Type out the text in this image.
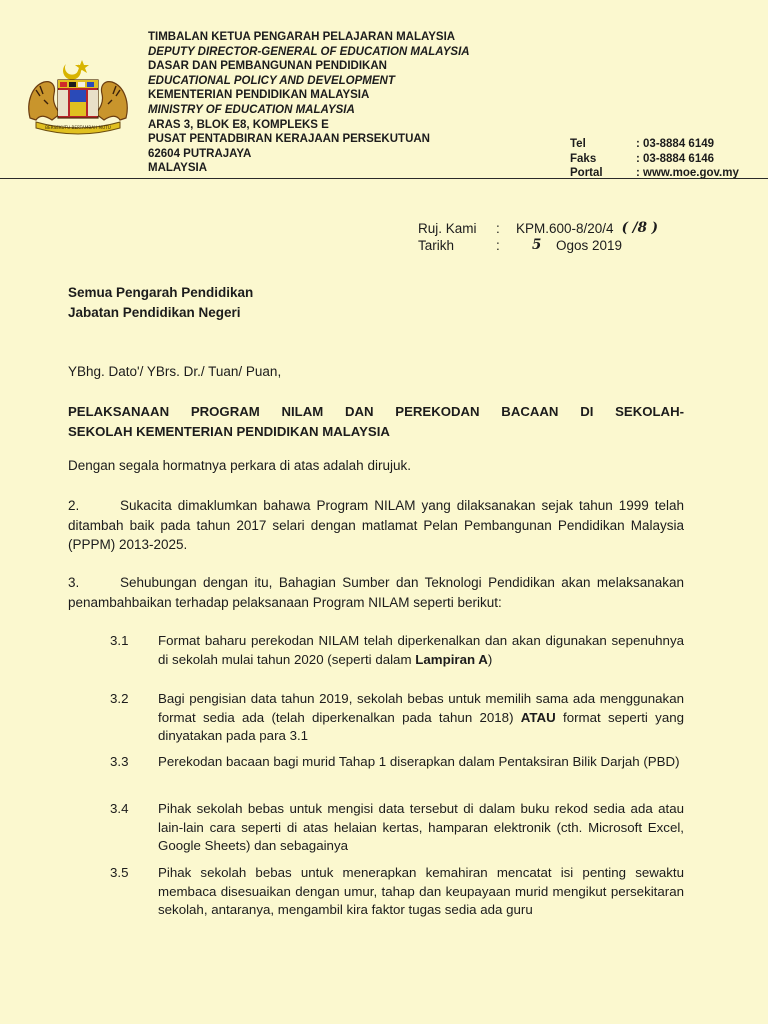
BERSEKUTU BERTAMBAH MUTU
TIMBALAN KETUA PENGARAH PELAJARAN MALAYSIA
DEPUTY DIRECTOR-GENERAL OF EDUCATION MALAYSIA
DASAR DAN PEMBANGUNAN PENDIDIKAN
EDUCATIONAL POLICY AND DEVELOPMENT
KEMENTERIAN PENDIDIKAN MALAYSIA
MINISTRY OF EDUCATION MALAYSIA
ARAS 3, BLOK E8, KOMPLEKS E
PUSAT PENTADBIRAN KERAJAAN PERSEKUTUAN
62604 PUTRAJAYA
MALAYSIA
Tel	: 03-8884 6149
Faks	: 03-8884 6146
Portal	: www.moe.gov.my
Ruj. Kami	:	KPM.600-8/20/4 ( /8 )
Tarikh	:	5	Ogos 2019
Semua Pengarah Pendidikan
Jabatan Pendidikan Negeri
YBhg. Dato'/ YBrs. Dr./ Tuan/ Puan,
PELAKSANAAN PROGRAM NILAM DAN PEREKODAN BACAAN DI SEKOLAH-
SEKOLAH KEMENTERIAN PENDIDIKAN MALAYSIA
Dengan segala hormatnya perkara di atas adalah dirujuk.
2.	Sukacita dimaklumkan bahawa Program NILAM yang dilaksanakan sejak tahun 1999 telah ditambah baik pada tahun 2017 selari dengan matlamat Pelan Pembangunan Pendidikan Malaysia (PPPM) 2013-2025.
3.	Sehubungan dengan itu, Bahagian Sumber dan Teknologi Pendidikan akan melaksanakan penambahbaikan terhadap pelaksanaan Program NILAM seperti berikut:
3.1 Format baharu perekodan NILAM telah diperkenalkan dan akan digunakan sepenuhnya di sekolah mulai tahun 2020 (seperti dalam Lampiran A)
3.2 Bagi pengisian data tahun 2019, sekolah bebas untuk memilih sama ada menggunakan format sedia ada (telah diperkenalkan pada tahun 2018) ATAU format seperti yang dinyatakan pada para 3.1
3.3 Perekodan bacaan bagi murid Tahap 1 diserapkan dalam Pentaksiran Bilik Darjah (PBD)
3.4 Pihak sekolah bebas untuk mengisi data tersebut di dalam buku rekod sedia ada atau lain-lain cara seperti di atas helaian kertas, hamparan elektronik (cth. Microsoft Excel, Google Sheets) dan sebagainya
3.5 Pihak sekolah bebas untuk menerapkan kemahiran mencatat isi penting sewaktu membaca disesuaikan dengan umur, tahap dan keupayaan murid mengikut persekitaran sekolah, antaranya, mengambil kira faktor tugas sedia ada guru
